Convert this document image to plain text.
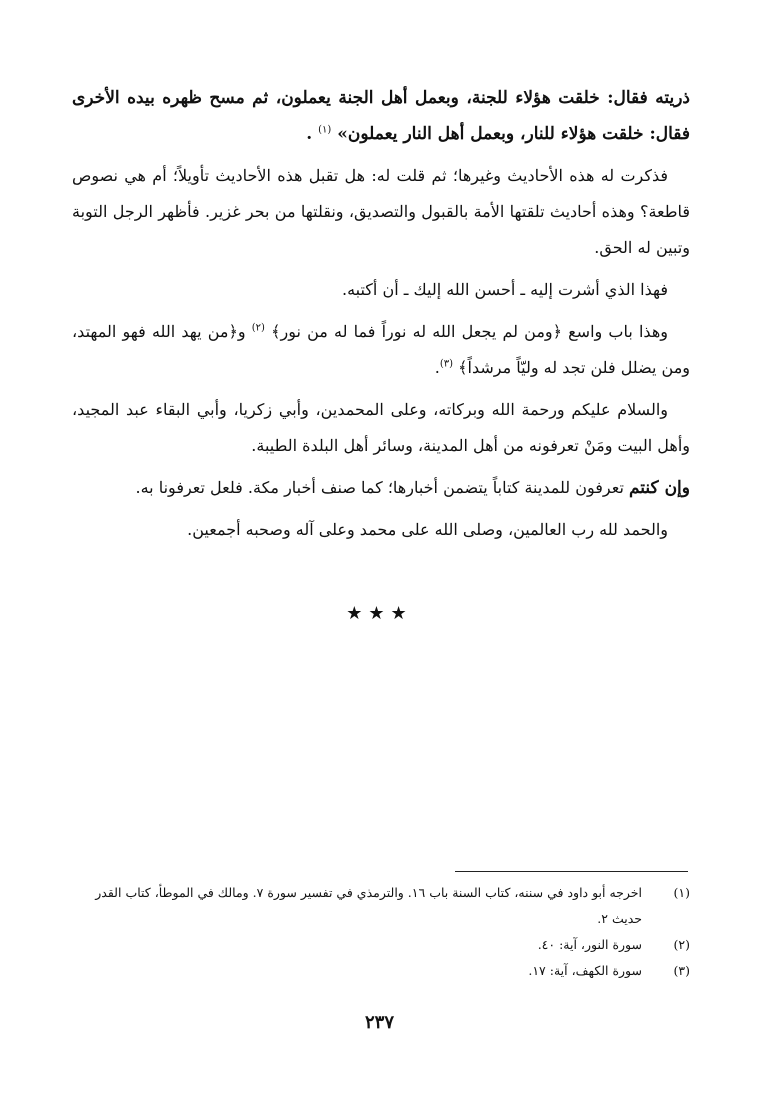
ذريته فقال: خلقت هؤلاء للجنة، وبعمل أهل الجنة يعملون، ثم مسح ظهره بيده الأخرى فقال: خلقت هؤلاء للنار، وبعمل أهل النار يعملون» $^{(١)}$ .

فذكرت له هذه الأحاديث وغيرها؛ ثم قلت له: هل تقبل هذه الأحاديث تأويلاً؛ أم هي نصوص قاطعة؟ وهذه أحاديث تلقتها الأمة بالقبول والتصديق، ونقلتها من بحر غزير. فأظهر الرجل التوبة وتبين له الحق.

فهذا الذي أشرت إليه ـ أحسن الله إليك ـ أن أكتبه.

وهذا باب واسع ﴿ومن لم يجعل الله له نوراً فما له من نور﴾ $^{(٢)}$ و﴿من يهد الله فهو المهتد، ومن يضلل فلن تجد له وليّاً مرشداً﴾ $^{(٣)}$.

والسلام عليكم ورحمة الله وبركاته، وعلى المحمدين، وأبي زكريا، وأبي البقاء عبد المجيد، وأهل البيت ومَنْ تعرفونه من أهل المدينة، وسائر أهل البلدة الطيبة.

وإن كنتم تعرفون للمدينة كتاباً يتضمن أخبارها؛ كما صنف أخبار مكة. فلعل تعرفونا به.

والحمد لله رب العالمين، وصلى الله على محمد وعلى آله وصحبه أجمعين.

★★★
(١)
اخرجه أبو داود في سننه، كتاب السنة باب ١٦. والترمذي في تفسير سورة ٧. ومالك في الموطأ، كتاب القدر حديث ٢.
(٢)
سورة النور، آية: ٤٠.
(٣)
سورة الكهف، آية: ١٧.
٢٣٧
